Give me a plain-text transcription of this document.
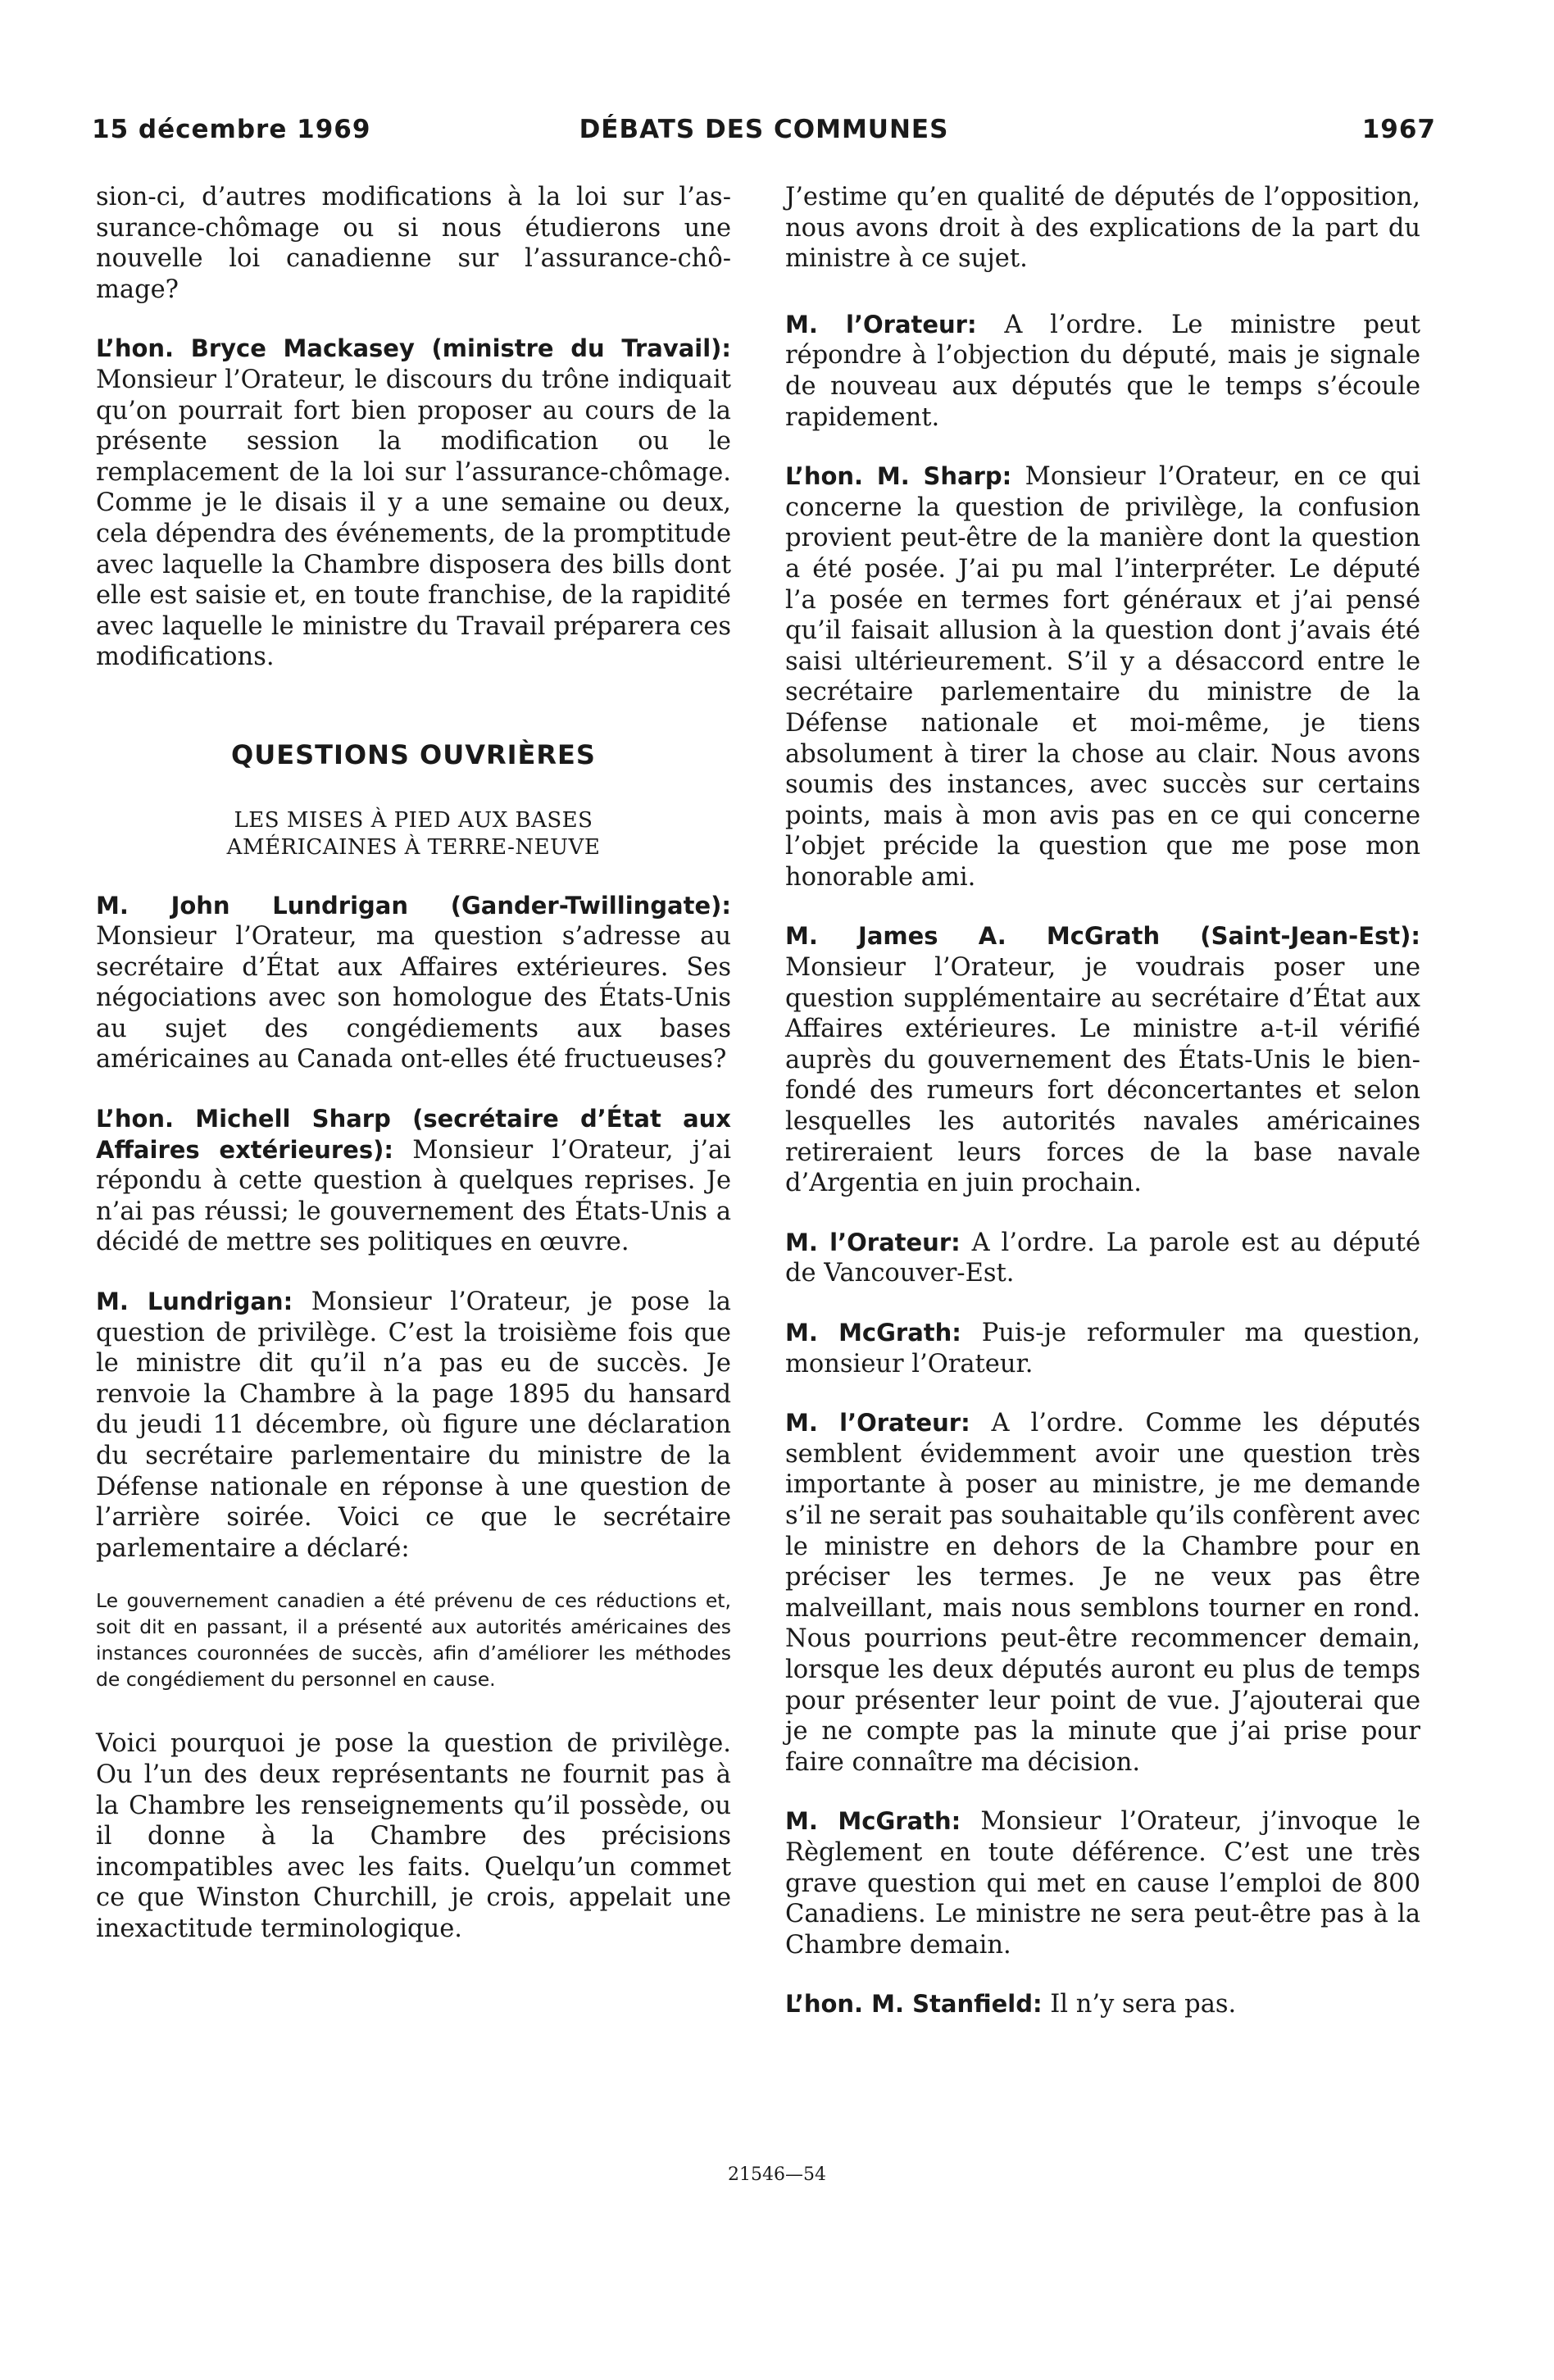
15 décembre 1969	DÉBATS DES COMMUNES	1967

sion-ci, d’autres modifications à la loi sur l’assurance-chômage ou si nous étudierons une nouvelle loi canadienne sur l’assurance-chômage?

L’hon. Bryce Mackasey (ministre du Travail): Monsieur l’Orateur, le discours du trône indiquait qu’on pourrait fort bien proposer au cours de la présente session la modification ou le remplacement de la loi sur l’assurance-chômage. Comme je le disais il y a une semaine ou deux, cela dépendra des événements, de la promptitude avec laquelle la Chambre disposera des bills dont elle est saisie et, en toute franchise, de la rapidité avec laquelle le ministre du Travail préparera ces modifications.

QUESTIONS OUVRIÈRES
LES MISES À PIED AUX BASES
AMÉRICAINES À TERRE-NEUVE

M. John Lundrigan (Gander-Twillingate): Monsieur l’Orateur, ma question s’adresse au secrétaire d’État aux Affaires extérieures. Ses négociations avec son homologue des États-Unis au sujet des congédiements aux bases américaines au Canada ont-elles été fructueuses?

L’hon. Michell Sharp (secrétaire d’État aux Affaires extérieures): Monsieur l’Orateur, j’ai répondu à cette question à quelques reprises. Je n’ai pas réussi; le gouvernement des États-Unis a décidé de mettre ses politiques en œuvre.

M. Lundrigan: Monsieur l’Orateur, je pose la question de privilège. C’est la troisième fois que le ministre dit qu’il n’a pas eu de succès. Je renvoie la Chambre à la page 1895 du hansard du jeudi 11 décembre, où figure une déclaration du secrétaire parlementaire du ministre de la Défense nationale en réponse à une question de l’arrière soirée. Voici ce que le secrétaire parlementaire a déclaré:

Le gouvernement canadien a été prévenu de ces réductions et, soit dit en passant, il a présenté aux autorités américaines des instances couronnées de succès, afin d’améliorer les méthodes de congédiement du personnel en cause.

Voici pourquoi je pose la question de privilège. Ou l’un des deux représentants ne fournit pas à la Chambre les renseignements qu’il possède, ou il donne à la Chambre des précisions incompatibles avec les faits. Quelqu’un commet ce que Winston Churchill, je crois, appelait une inexactitude terminologique.

J’estime qu’en qualité de députés de l’opposition, nous avons droit à des explications de la part du ministre à ce sujet.

M. l’Orateur: A l’ordre. Le ministre peut répondre à l’objection du député, mais je signale de nouveau aux députés que le temps s’écoule rapidement.

L’hon. M. Sharp: Monsieur l’Orateur, en ce qui concerne la question de privilège, la confusion provient peut-être de la manière dont la question a été posée. J’ai pu mal l’interpréter. Le député l’a posée en termes fort généraux et j’ai pensé qu’il faisait allusion à la question dont j’avais été saisi ultérieurement. S’il y a désaccord entre le secrétaire parlementaire du ministre de la Défense nationale et moi-même, je tiens absolument à tirer la chose au clair. Nous avons soumis des instances, avec succès sur certains points, mais à mon avis pas en ce qui concerne l’objet précide la question que me pose mon honorable ami.

M. James A. McGrath (Saint-Jean-Est): Monsieur l’Orateur, je voudrais poser une question supplémentaire au secrétaire d’État aux Affaires extérieures. Le ministre a-t-il vérifié auprès du gouvernement des États-Unis le bien-fondé des rumeurs fort déconcertantes et selon lesquelles les autorités navales américaines retireraient leurs forces de la base navale d’Argentia en juin prochain.

M. l’Orateur: A l’ordre. La parole est au député de Vancouver-Est.

M. McGrath: Puis-je reformuler ma question, monsieur l’Orateur.

M. l’Orateur: A l’ordre. Comme les députés semblent évidemment avoir une question très importante à poser au ministre, je me demande s’il ne serait pas souhaitable qu’ils confèrent avec le ministre en dehors de la Chambre pour en préciser les termes. Je ne veux pas être malveillant, mais nous semblons tourner en rond. Nous pourrions peut-être recommencer demain, lorsque les deux députés auront eu plus de temps pour présenter leur point de vue. J’ajouterai que je ne compte pas la minute que j’ai prise pour faire connaître ma décision.

M. McGrath: Monsieur l’Orateur, j’invoque le Règlement en toute déférence. C’est une très grave question qui met en cause l’emploi de 800 Canadiens. Le ministre ne sera peut-être pas à la Chambre demain.

L’hon. M. Stanfield: Il n’y sera pas.

21546—54
